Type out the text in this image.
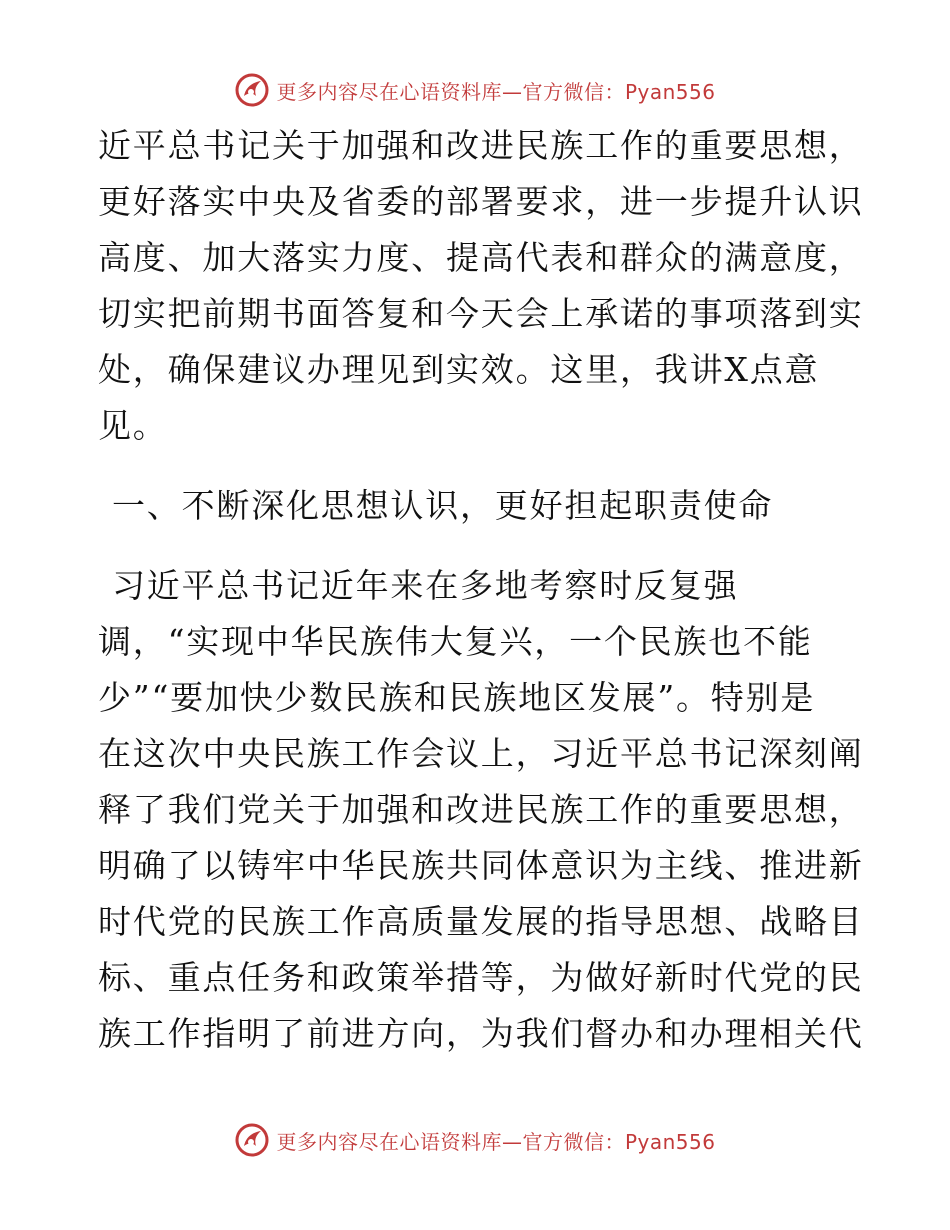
更多内容尽在心语资料库—官方微信：Pyan556
近平总书记关于加强和改进民族工作的重要思想，
更好落实中央及省委的部署要求，进一步提升认识
高度、加大落实力度、提高代表和群众的满意度，
切实把前期书面答复和今天会上承诺的事项落到实
处，确保建议办理见到实效。这里，我讲X点意
见。
一、不断深化思想认识，更好担起职责使命
习近平总书记近年来在多地考察时反复强
调，“实现中华民族伟大复兴，一个民族也不能
少”“要加快少数民族和民族地区发展”。特别是
在这次中央民族工作会议上，习近平总书记深刻阐
释了我们党关于加强和改进民族工作的重要思想，
明确了以铸牢中华民族共同体意识为主线、推进新
时代党的民族工作高质量发展的指导思想、战略目
标、重点任务和政策举措等，为做好新时代党的民
族工作指明了前进方向，为我们督办和办理相关代
更多内容尽在心语资料库—官方微信：Pyan556
